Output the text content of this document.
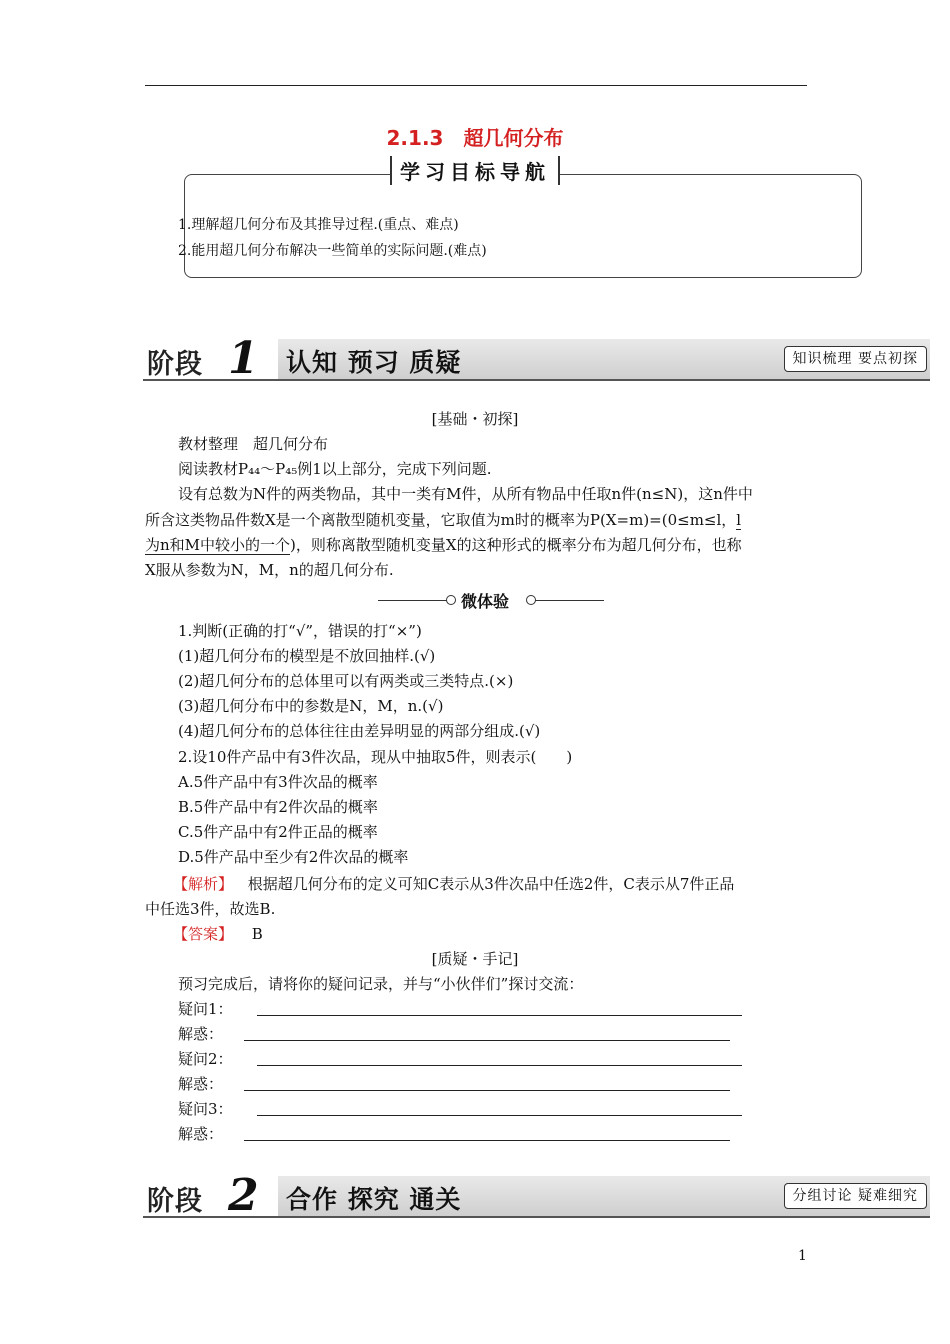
2.1.3　超几何分布
学习目标导航
1.理解超几何分布及其推导过程.(重点、难点)
2.能用超几何分布解决一些简单的实际问题.(难点)
阶段 1 认知 预习 质疑	知识梳理 要点初探
[基础・初探]
教材整理　超几何分布
阅读教材P₄₄～P₄₅例1以上部分，完成下列问题.
设有总数为N件的两类物品，其中一类有M件，从所有物品中任取n件(n≤N)，这n件中
所含这类物品件数X是一个离散型随机变量，它取值为m时的概率为P(X=m)=(0≤m≤l，l
为n和M中较小的一个)，则称离散型随机变量X的这种形式的概率分布为超几何分布，也称
X服从参数为N，M，n的超几何分布.
微体验
1.判断(正确的打“√”，错误的打“×”)
(1)超几何分布的模型是不放回抽样.(√)
(2)超几何分布的总体里可以有两类或三类特点.(×)
(3)超几何分布中的参数是N，M，n.(√)
(4)超几何分布的总体往往由差异明显的两部分组成.(√)
2.设10件产品中有3件次品，现从中抽取5件，则表示(　　)
A.5件产品中有3件次品的概率
B.5件产品中有2件次品的概率
C.5件产品中有2件正品的概率
D.5件产品中至少有2件次品的概率
【解析】 根据超几何分布的定义可知C表示从3件次品中任选2件，C表示从7件正品
中任选3件，故选B.
【答案】 B
[质疑・手记]
预习完成后，请将你的疑问记录，并与“小伙伴们”探讨交流：
疑问1：
解惑：
疑问2：
解惑：
疑问3：
解惑：
阶段 2 合作 探究 通关	分组讨论 疑难细究
1
